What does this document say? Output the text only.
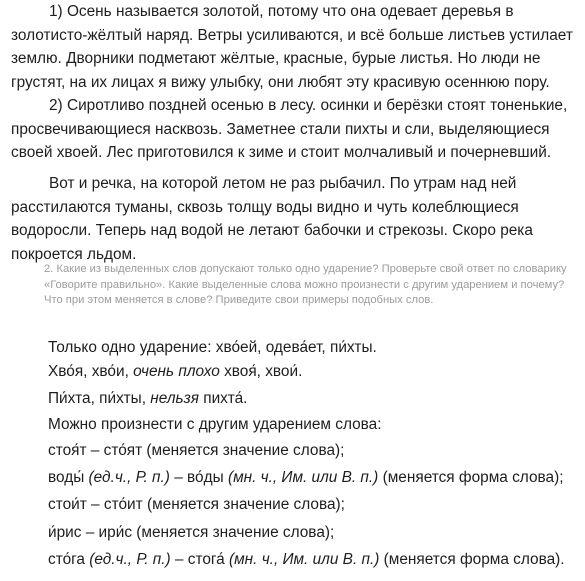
1) Осень называется золотой, потому что она одевает деревья в золотисто-жёлтый наряд. Ветры усиливаются, и всё больше листьев устилает землю. Дворники подметают жёлтые, красные, бурые листья. Но люди не грустят, на их лицах я вижу улыбку, они любят эту красивую осеннюю пору.

2) Сиротливо поздней осенью в лесу. осинки и берёзки стоят тоненькие, просвечивающиеся насквозь. Заметнее стали пихты и сли, выделяющиеся своей хвоей. Лес приготовился к зиме и стоит молчаливый и почерневший.

Вот и речка, на которой летом не раз рыбачил. По утрам над ней расстилаются туманы, сквозь толщу воды видно и чуть колеблющиеся водоросли. Теперь над водой не летают бабочки и стрекозы. Скоро река покроется льдом.

2. Какие из выделенных слов допускают только одно ударение? Проверьте свой ответ по словарику «Говорите правильно». Какие выделенные слова можно произнести с другим ударением и почему? Что при этом меняется в слове? Приведите свои примеры подобных слов.

Только одно ударение: хво́ей, одева́ет, пи́хты.

Хво́я, хво́и, очень плохо хвоя́, хвои́.

Пи́хта, пи́хты, нельзя пихта́.

Можно произнести с другим ударением слова:

стоя́т – сто́ят (меняется значение слова);

воды́ (ед.ч., Р. п.) – во́ды (мн. ч., Им. или В. п.) (меняется форма слова);

стои́т – сто́ит (меняется значение слова);

и́рис – ири́с (меняется значение слова);

сто́га (ед.ч., Р. п.) – стога́ (мн. ч., Им. или В. п.) (меняется форма слова).
